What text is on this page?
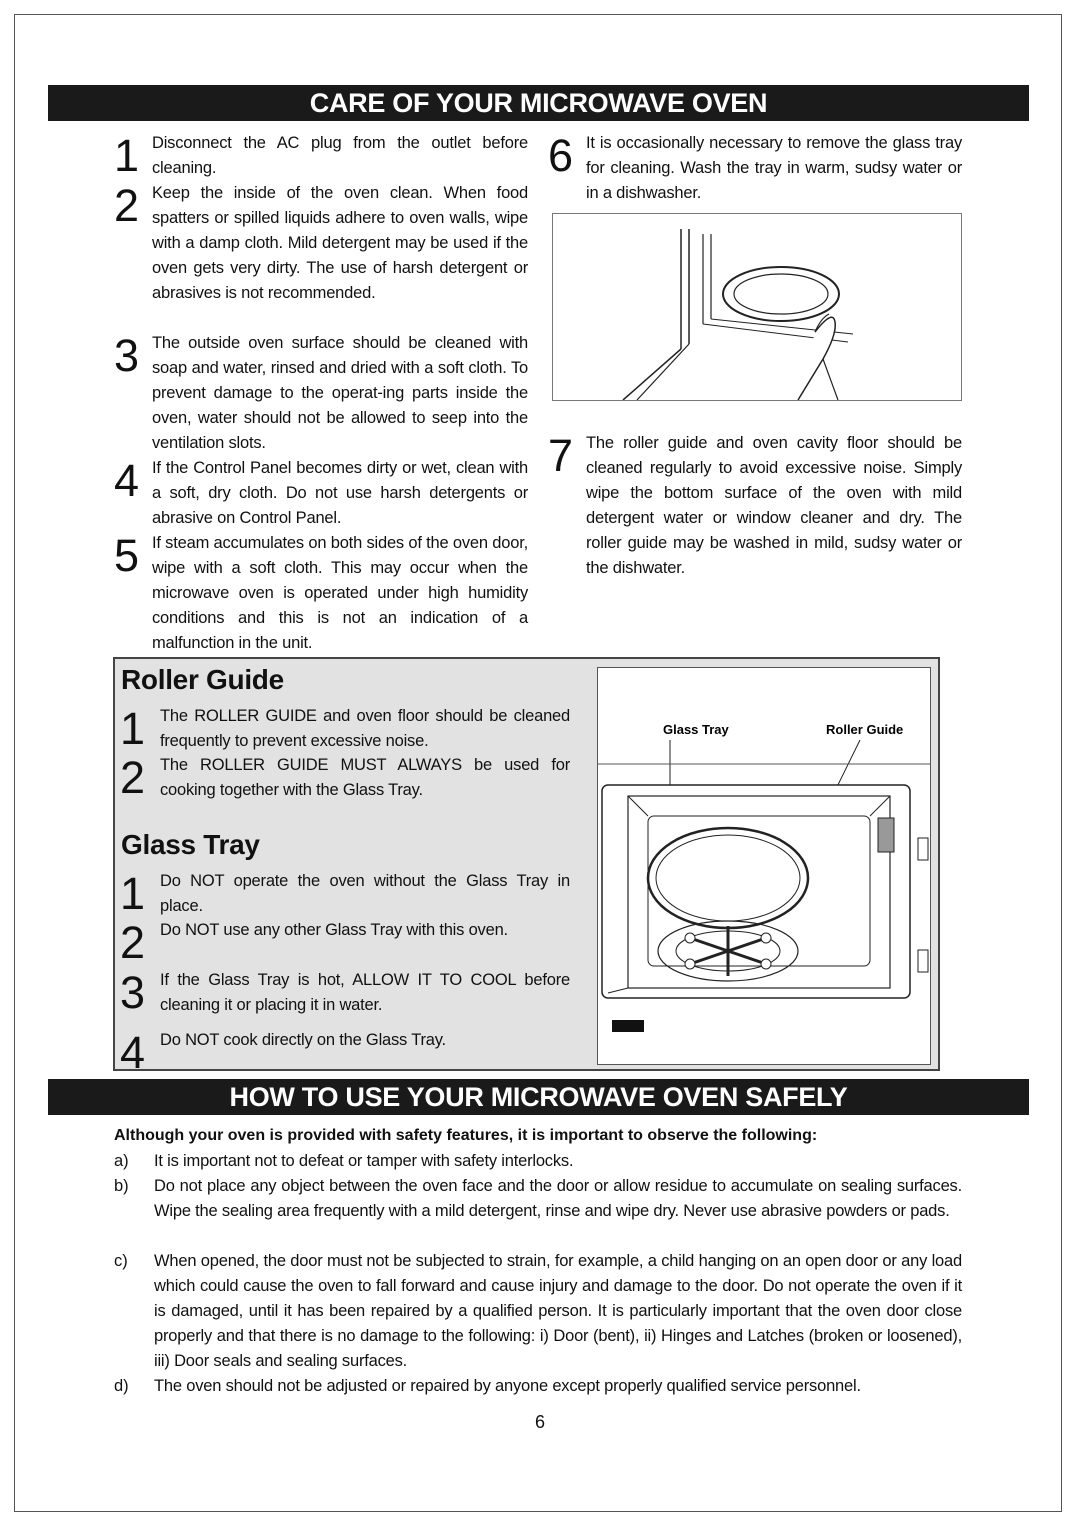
CARE OF YOUR MICROWAVE OVEN
1 Disconnect the AC plug from the outlet before cleaning.
2 Keep the inside of the oven clean. When food spatters or spilled liquids adhere to oven walls, wipe with a damp cloth. Mild detergent may be used if the oven gets very dirty. The use of harsh detergent or abrasives is not recommended.
3 The outside oven surface should be cleaned with soap and water, rinsed and dried with a soft cloth. To prevent damage to the operat-ing parts inside the oven, water should not be allowed to seep into the ventilation slots.
4 If the Control Panel becomes dirty or wet, clean with a soft, dry cloth. Do not use harsh detergents or abrasive on Control Panel.
5 If steam accumulates on both sides of the oven door, wipe with a soft cloth. This may occur when the microwave oven is operated under high humidity conditions and this is not an indication of a malfunction in the unit.
6 It is occasionally necessary to remove the glass tray for cleaning. Wash the tray in warm, sudsy water or in a dishwasher.
7 The roller guide and oven cavity floor should be cleaned regularly to avoid excessive noise. Simply wipe the bottom surface of the oven with mild detergent water or window cleaner and dry. The roller guide may be washed in mild, sudsy water or the dishwater.
Roller Guide
1 The ROLLER GUIDE and oven floor should be cleaned frequently to prevent excessive noise.
2 The ROLLER GUIDE MUST ALWAYS be used for cooking together with the Glass Tray.
Glass Tray
1 Do NOT operate the oven without the Glass Tray in place.
2 Do NOT use any other Glass Tray with this oven.
3 If the Glass Tray is hot, ALLOW IT TO COOL before cleaning it or placing it in water.
4 Do NOT cook directly on the Glass Tray.
Glass Tray	Roller Guide
HOW TO USE YOUR MICROWAVE OVEN SAFELY
Although your oven is provided with safety features, it is important to observe the following:
a)	It is important not to defeat or tamper with safety interlocks.
b)	Do not place any object between the oven face and the door or allow residue to accumulate on sealing surfaces. Wipe the sealing area frequently with a mild detergent, rinse and wipe dry. Never use abrasive powders or pads.
c)	When opened, the door must not be subjected to strain, for example, a child hanging on an open door or any load which could cause the oven to fall forward and cause injury and damage to the door. Do not operate the oven if it is damaged, until it has been repaired by a qualified person. It is particularly important that the oven door close properly and that there is no damage to the following: i) Door (bent), ii) Hinges and Latches (broken or loosened), iii) Door seals and sealing surfaces.
d)	The oven should not be adjusted or repaired by anyone except properly qualified service personnel.
6
